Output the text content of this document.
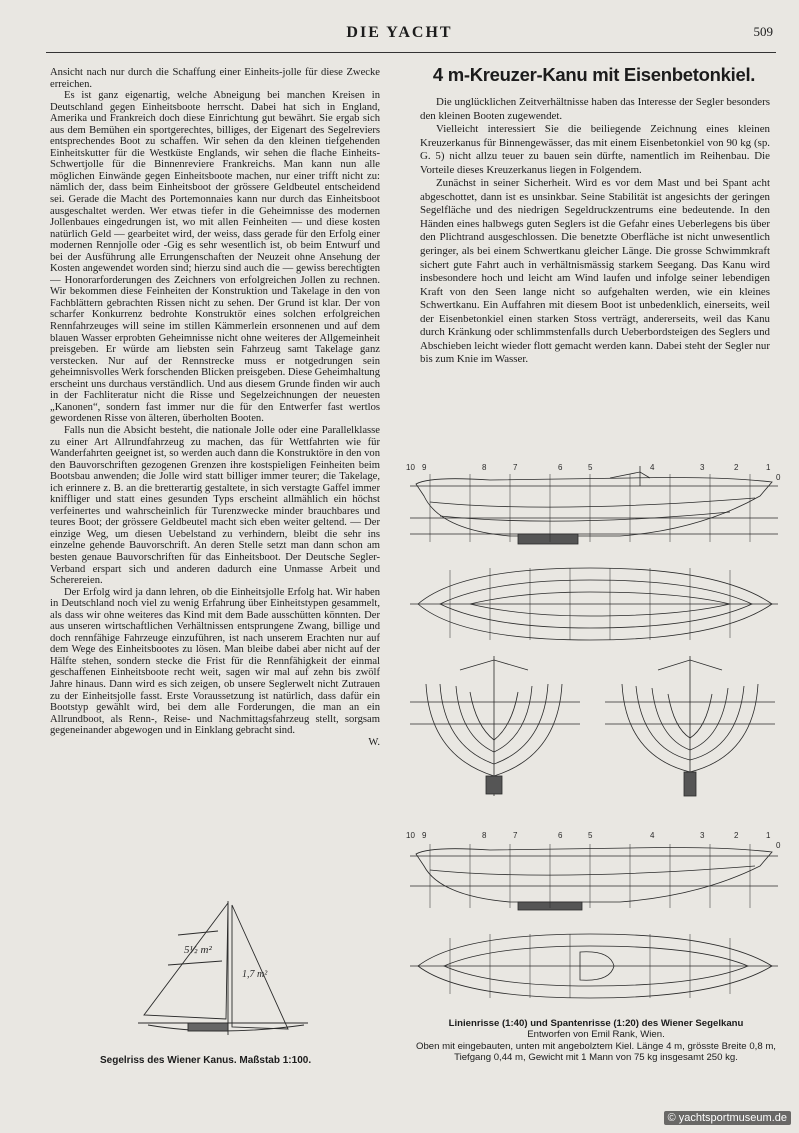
DIE YACHT	509

Ansicht nach nur durch die Schaffung einer Einheits-jolle für diese Zwecke erreichen.

Es ist ganz eigenartig, welche Abneigung bei manchen Kreisen in Deutschland gegen Einheitsboote herrscht. Dabei hat sich in England, Amerika und Frankreich doch diese Einrichtung gut bewährt. Sie ergab sich aus dem Bemühen ein sportgerechtes, billiges, der Eigenart des Segelreviers entsprechendes Boot zu schaffen. Wir sehen da den kleinen tiefgehenden Einheitskutter für die Westküste Englands, wir sehen die flache Einheits-Schwertjolle für die Binnenreviere Frankreichs. Man kann nun alle möglichen Einwände gegen Einheitsboote machen, nur einer trifft nicht zu: nämlich der, dass beim Einheitsboot der grössere Geldbeutel entscheidend sei. Gerade die Macht des Portemonnaies kann nur durch das Einheitsboot ausgeschaltet werden. Wer etwas tiefer in die Geheimnisse des modernen Jollenbaues eingedrungen ist, wo mit allen Feinheiten — und diese kosten natürlich Geld — gearbeitet wird, der weiss, dass gerade für den Erfolg einer modernen Rennjolle oder -Gig es sehr wesentlich ist, ob beim Entwurf und bei der Ausführung alle Errungenschaften der Neuzeit ohne Ansehung der Kosten angewendet worden sind; hierzu sind auch die — gewiss berechtigten — Honorarforderungen des Zeichners von erfolgreichen Jollen zu rechnen. Wir bekommen diese Feinheiten der Konstruktion und Takelage in den von Fachblättern gebrachten Rissen nicht zu sehen. Der Grund ist klar. Der von scharfer Konkurrenz bedrohte Konstruktör eines solchen erfolgreichen Rennfahrzeuges will seine im stillen Kämmerlein ersonnenen und auf dem blauen Wasser erprobten Geheimnisse nicht ohne weiteres der Allgemeinheit preisgeben. Er würde am liebsten sein Fahrzeug samt Takelage ganz verstecken. Nur auf der Rennstrecke muss er notgedrungen sein geheimnisvolles Werk forschenden Blicken preisgeben. Diese Geheimhaltung erscheint uns durchaus verständlich. Und aus diesem Grunde finden wir auch in der Fachliteratur nicht die Risse und Segelzeichnungen der neuesten „Kanonen“, sondern fast immer nur die für den Entwerfer fast wertlos gewordenen Risse von älteren, überholten Booten.

Falls nun die Absicht besteht, die nationale Jolle oder eine Parallelklasse zu einer Art Allrundfahrzeug zu machen, das für Wettfahrten wie für Wanderfahrten geeignet ist, so werden auch dann die Konstruktöre in den von den Bauvorschriften gezogenen Grenzen ihre kostspieligen Feinheiten beim Bootsbau anwenden; die Jolle wird statt billiger immer teurer; die Takelage, ich erinnere z. B. an die bretterartig gestaltete, in sich verstagte Gaffel immer kniffliger und statt eines gesunden Typs erscheint allmählich ein höchst verfeinertes und wahrscheinlich für Turenzwecke minder brauchbares und teures Boot; der grössere Geldbeutel macht sich eben weiter geltend. — Der einzige Weg, um diesen Uebelstand zu verhindern, bleibt die sehr ins einzelne gehende Bauvorschrift. An deren Stelle setzt man dann schon am besten genaue Bauvorschriften für das Einheitsboot. Der Deutsche Segler-Verband erspart sich und anderen dadurch eine Unmasse Arbeit und Scherereien.

Der Erfolg wird ja dann lehren, ob die Einheitsjolle Erfolg hat. Wir haben in Deutschland noch viel zu wenig Erfahrung über Einheitstypen gesammelt, als dass wir ohne weiteres das Kind mit dem Bade ausschütten könnten. Der aus unseren wirtschaftlichen Verhältnissen entsprungene Zwang, billige und doch rennfähige Fahrzeuge einzuführen, ist nach unserem Erachten nur auf dem Wege des Einheitsbootes zu lösen. Man bleibe dabei aber nicht auf der Hälfte stehen, sondern stecke die Frist für die Rennfähigkeit der einmal geschaffenen Einheitsboote recht weit, sagen wir mal auf zehn bis zwölf Jahre hinaus. Dann wird es sich zeigen, ob unsere Seglerwelt nicht Zutrauen zu der Einheitsjolle fasst. Erste Voraussetzung ist natürlich, dass dafür ein Bootstyp gewählt wird, bei dem alle Forderungen, die man an ein Allrundboot, als Renn-, Reise- und Nachmittagsfahrzeug stellt, sorgsam gegeneinander abgewogen und in Einklang gebracht sind.

W.
4 m-Kreuzer-Kanu mit Eisenbetonkiel.

Die unglücklichen Zeitverhältnisse haben das Interesse der Segler besonders den kleinen Booten zugewendet.

Vielleicht interessiert Sie die beiliegende Zeichnung eines kleinen Kreuzerkanus für Binnengewässer, das mit einem Eisenbetonkiel von 90 kg (sp. G. 5) nicht allzu teuer zu bauen sein dürfte, namentlich im Reihenbau. Die Vorteile dieses Kreuzerkanus liegen in Folgendem.

Zunächst in seiner Sicherheit. Wird es vor dem Mast und bei Spant acht abgeschottet, dann ist es unsinkbar. Seine Stabilität ist angesichts der geringen Segelfläche und des niedrigen Segeldruckzentrums eine bedeutende. In den Händen eines halbwegs guten Seglers ist die Gefahr eines Ueberlegens bis über den Plichtrand ausgeschlossen. Die benetzte Oberfläche ist nicht unwesentlich geringer, als bei einem Schwertkanu gleicher Länge. Die grosse Schwimmkraft sichert gute Fahrt auch in verhältnismässig starkem Seegang. Das Kanu wird insbesondere hoch und leicht am Wind laufen und infolge seiner lebendigen Kraft von den Seen lange nicht so aufgehalten werden, wie ein kleines Schwertkanu. Ein Auffahren mit diesem Boot ist unbedenklich, einerseits, weil der Eisenbetonkiel einen starken Stoss verträgt, andererseits, weil das Kanu durch Kränkung oder schlimmstenfalls durch Ueberbordsteigen des Seglers und Abschieben leicht wieder flott gemacht werden kann. Dabei steht der Segler nur bis zum Knie im Wasser.

10 9	8	7	6	5	4	3	2	1
0
10 9	8	7	6	5	4	3	2	1
0
5½ m²
1,7 m²
Segelriss des Wiener Kanus. Maßstab 1:100.
Linienrisse (1:40) und Spantenrisse (1:20) des Wiener Segelkanu
Entworfen von Emil Rank, Wien.
Oben mit eingebauten, unten mit angebolztem Kiel. Länge 4 m, grösste Breite 0,8 m, Tiefgang 0,44 m, Gewicht mit 1 Mann von 75 kg insgesamt 250 kg.
© yachtsportmuseum.de
